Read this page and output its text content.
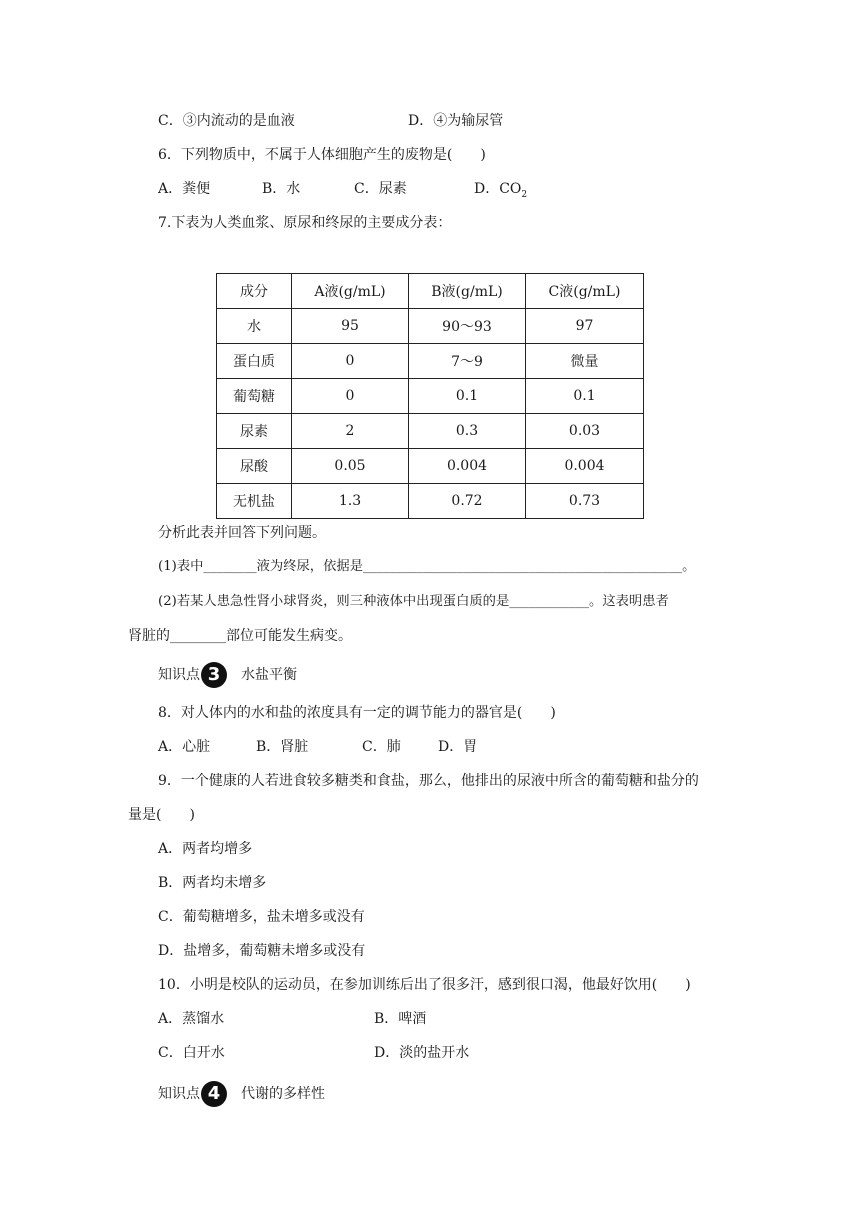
C．③内流动的是血液	D．④为输尿管
6．下列物质中，不属于人体细胞产生的废物是(　　)
A．粪便	B．水	C．尿素	D．$CO_2$
7.下表为人类血浆、原尿和终尿的主要成分表：
成分	A液(g/mL)	B液(g/mL)	C液(g/mL)
水	95	90～93	97
蛋白质	0	7～9	微量
葡萄糖	0	0.1	0.1
尿素	2	0.3	0.03
尿酸	0.05	0.004	0.004
无机盐	1.3	0.72	0.73
分析此表并回答下列问题。
(1)表中________液为终尿，依据是________________________________________________。
(2)若某人患急性肾小球肾炎，则三种液体中出现蛋白质的是____________。这表明患者
肾脏的________部位可能发生病变。
知识点 3	水盐平衡
8．对人体内的水和盐的浓度具有一定的调节能力的器官是(　　)
A．心脏	B．肾脏	C．肺	D．胃
9．一个健康的人若进食较多糖类和食盐，那么，他排出的尿液中所含的葡萄糖和盐分的
量是(　　)
A．两者均增多
B．两者均未增多
C．葡萄糖增多，盐未增多或没有
D．盐增多，葡萄糖未增多或没有
10．小明是校队的运动员，在参加训练后出了很多汗，感到很口渴，他最好饮用(　　)
A．蒸馏水	B．啤酒
C．白开水	D．淡的盐开水
知识点 4	代谢的多样性
